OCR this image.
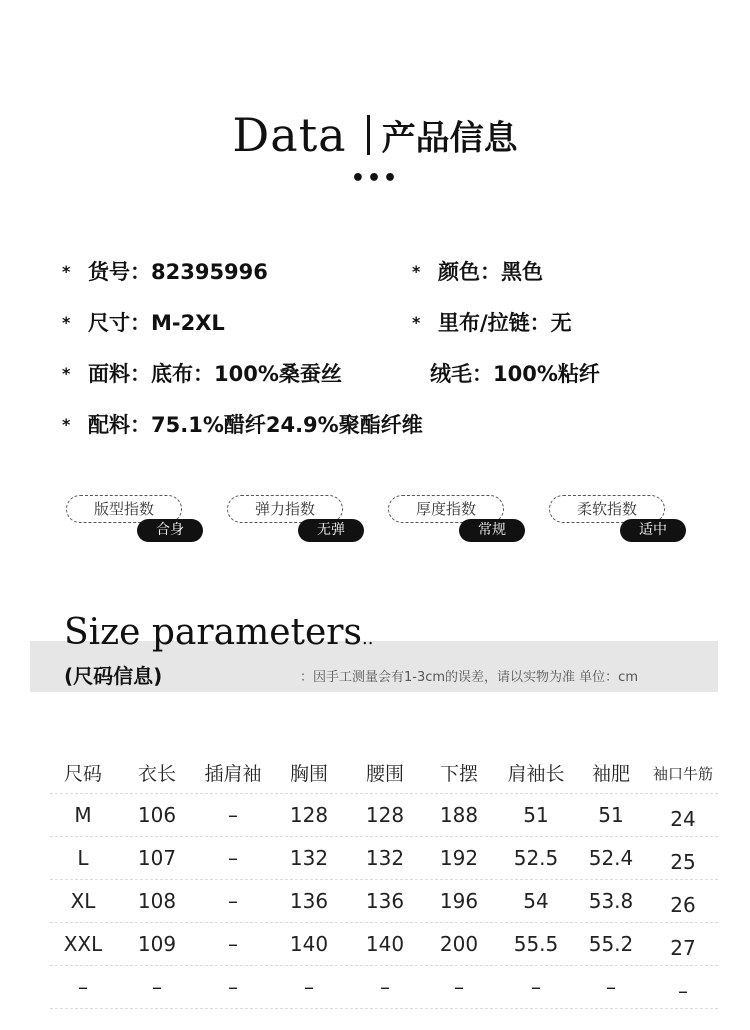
Data 产品信息
•••
* 货号：82395996	* 颜色：黑色
* 尺寸：M-2XL	* 里布/拉链：无
* 面料：底布：100%桑蚕丝	绒毛：100%粘纤
* 配料：75.1%醋纤24.9%聚酯纤维
版型指数
合身
弹力指数
无弹
厚度指数
常规
柔软指数
适中
Size parameters..
(尺码信息)	：因手工测量会有1-3cm的误差，请以实物为准 单位：cm
尺码	衣长	插肩袖	胸围	腰围	下摆	肩袖长	袖肥	袖口牛筋
M	106	–	128	128	188	51	51	24
L	107	–	132	132	192	52.5	52.4	25
XL	108	–	136	136	196	54	53.8	26
XXL	109	–	140	140	200	55.5	55.2	27
–	–	–	–	–	–	–	–	–
